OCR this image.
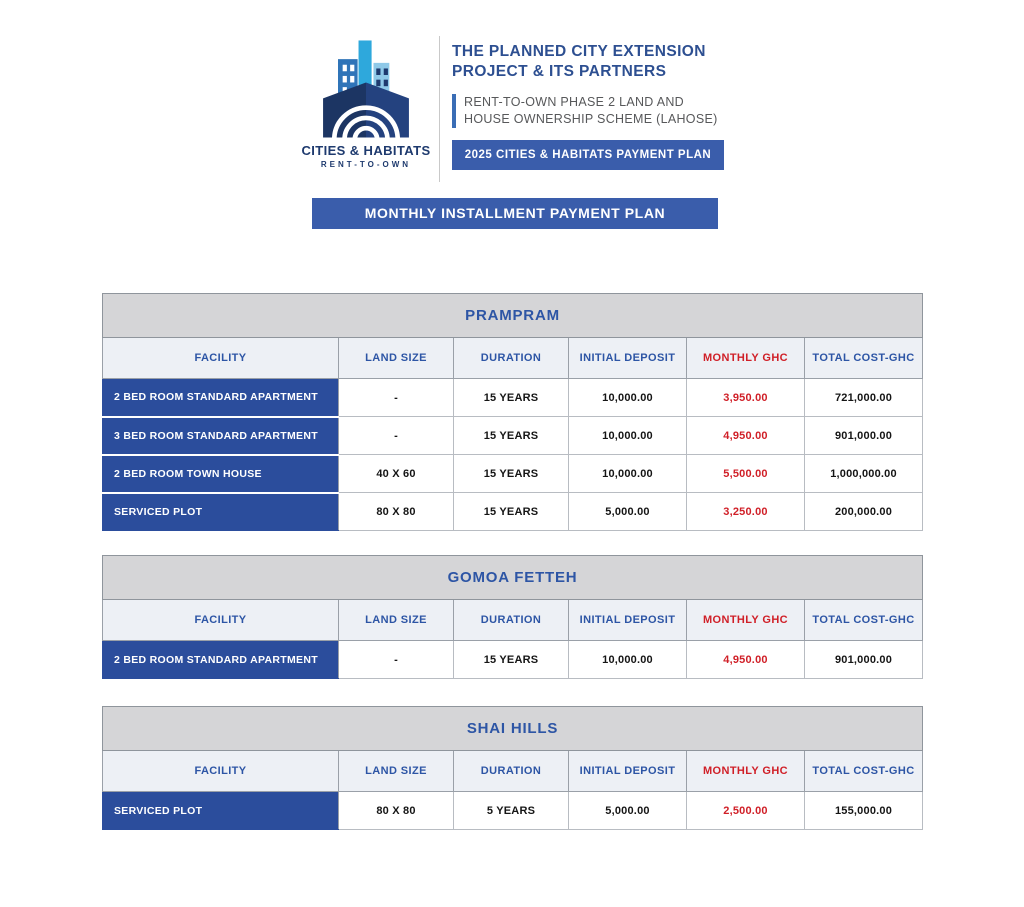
CITIES & HABITATS
RENT-TO-OWN
THE PLANNED CITY EXTENSION
PROJECT & ITS PARTNERS
RENT-TO-OWN PHASE 2 LAND AND
HOUSE OWNERSHIP SCHEME (LAHOSE)
2025 CITIES & HABITATS PAYMENT PLAN
MONTHLY INSTALLMENT PAYMENT PLAN
PRAMPRAM					
FACILITY	LAND SIZE	DURATION	INITIAL DEPOSIT	MONTHLY GHC	TOTAL COST-GHC
2 BED ROOM STANDARD APARTMENT	-	15 YEARS	10,000.00	3,950.00	721,000.00
3 BED ROOM STANDARD APARTMENT	-	15 YEARS	10,000.00	4,950.00	901,000.00
2 BED ROOM TOWN HOUSE	40 X 60	15 YEARS	10,000.00	5,500.00	1,000,000.00
SERVICED PLOT	80 X 80	15 YEARS	5,000.00	3,250.00	200,000.00
GOMOA FETTEH					
FACILITY	LAND SIZE	DURATION	INITIAL DEPOSIT	MONTHLY GHC	TOTAL COST-GHC
2 BED ROOM STANDARD APARTMENT	-	15 YEARS	10,000.00	4,950.00	901,000.00
SHAI HILLS					
FACILITY	LAND SIZE	DURATION	INITIAL DEPOSIT	MONTHLY GHC	TOTAL COST-GHC
SERVICED PLOT	80 X 80	5 YEARS	5,000.00	2,500.00	155,000.00
